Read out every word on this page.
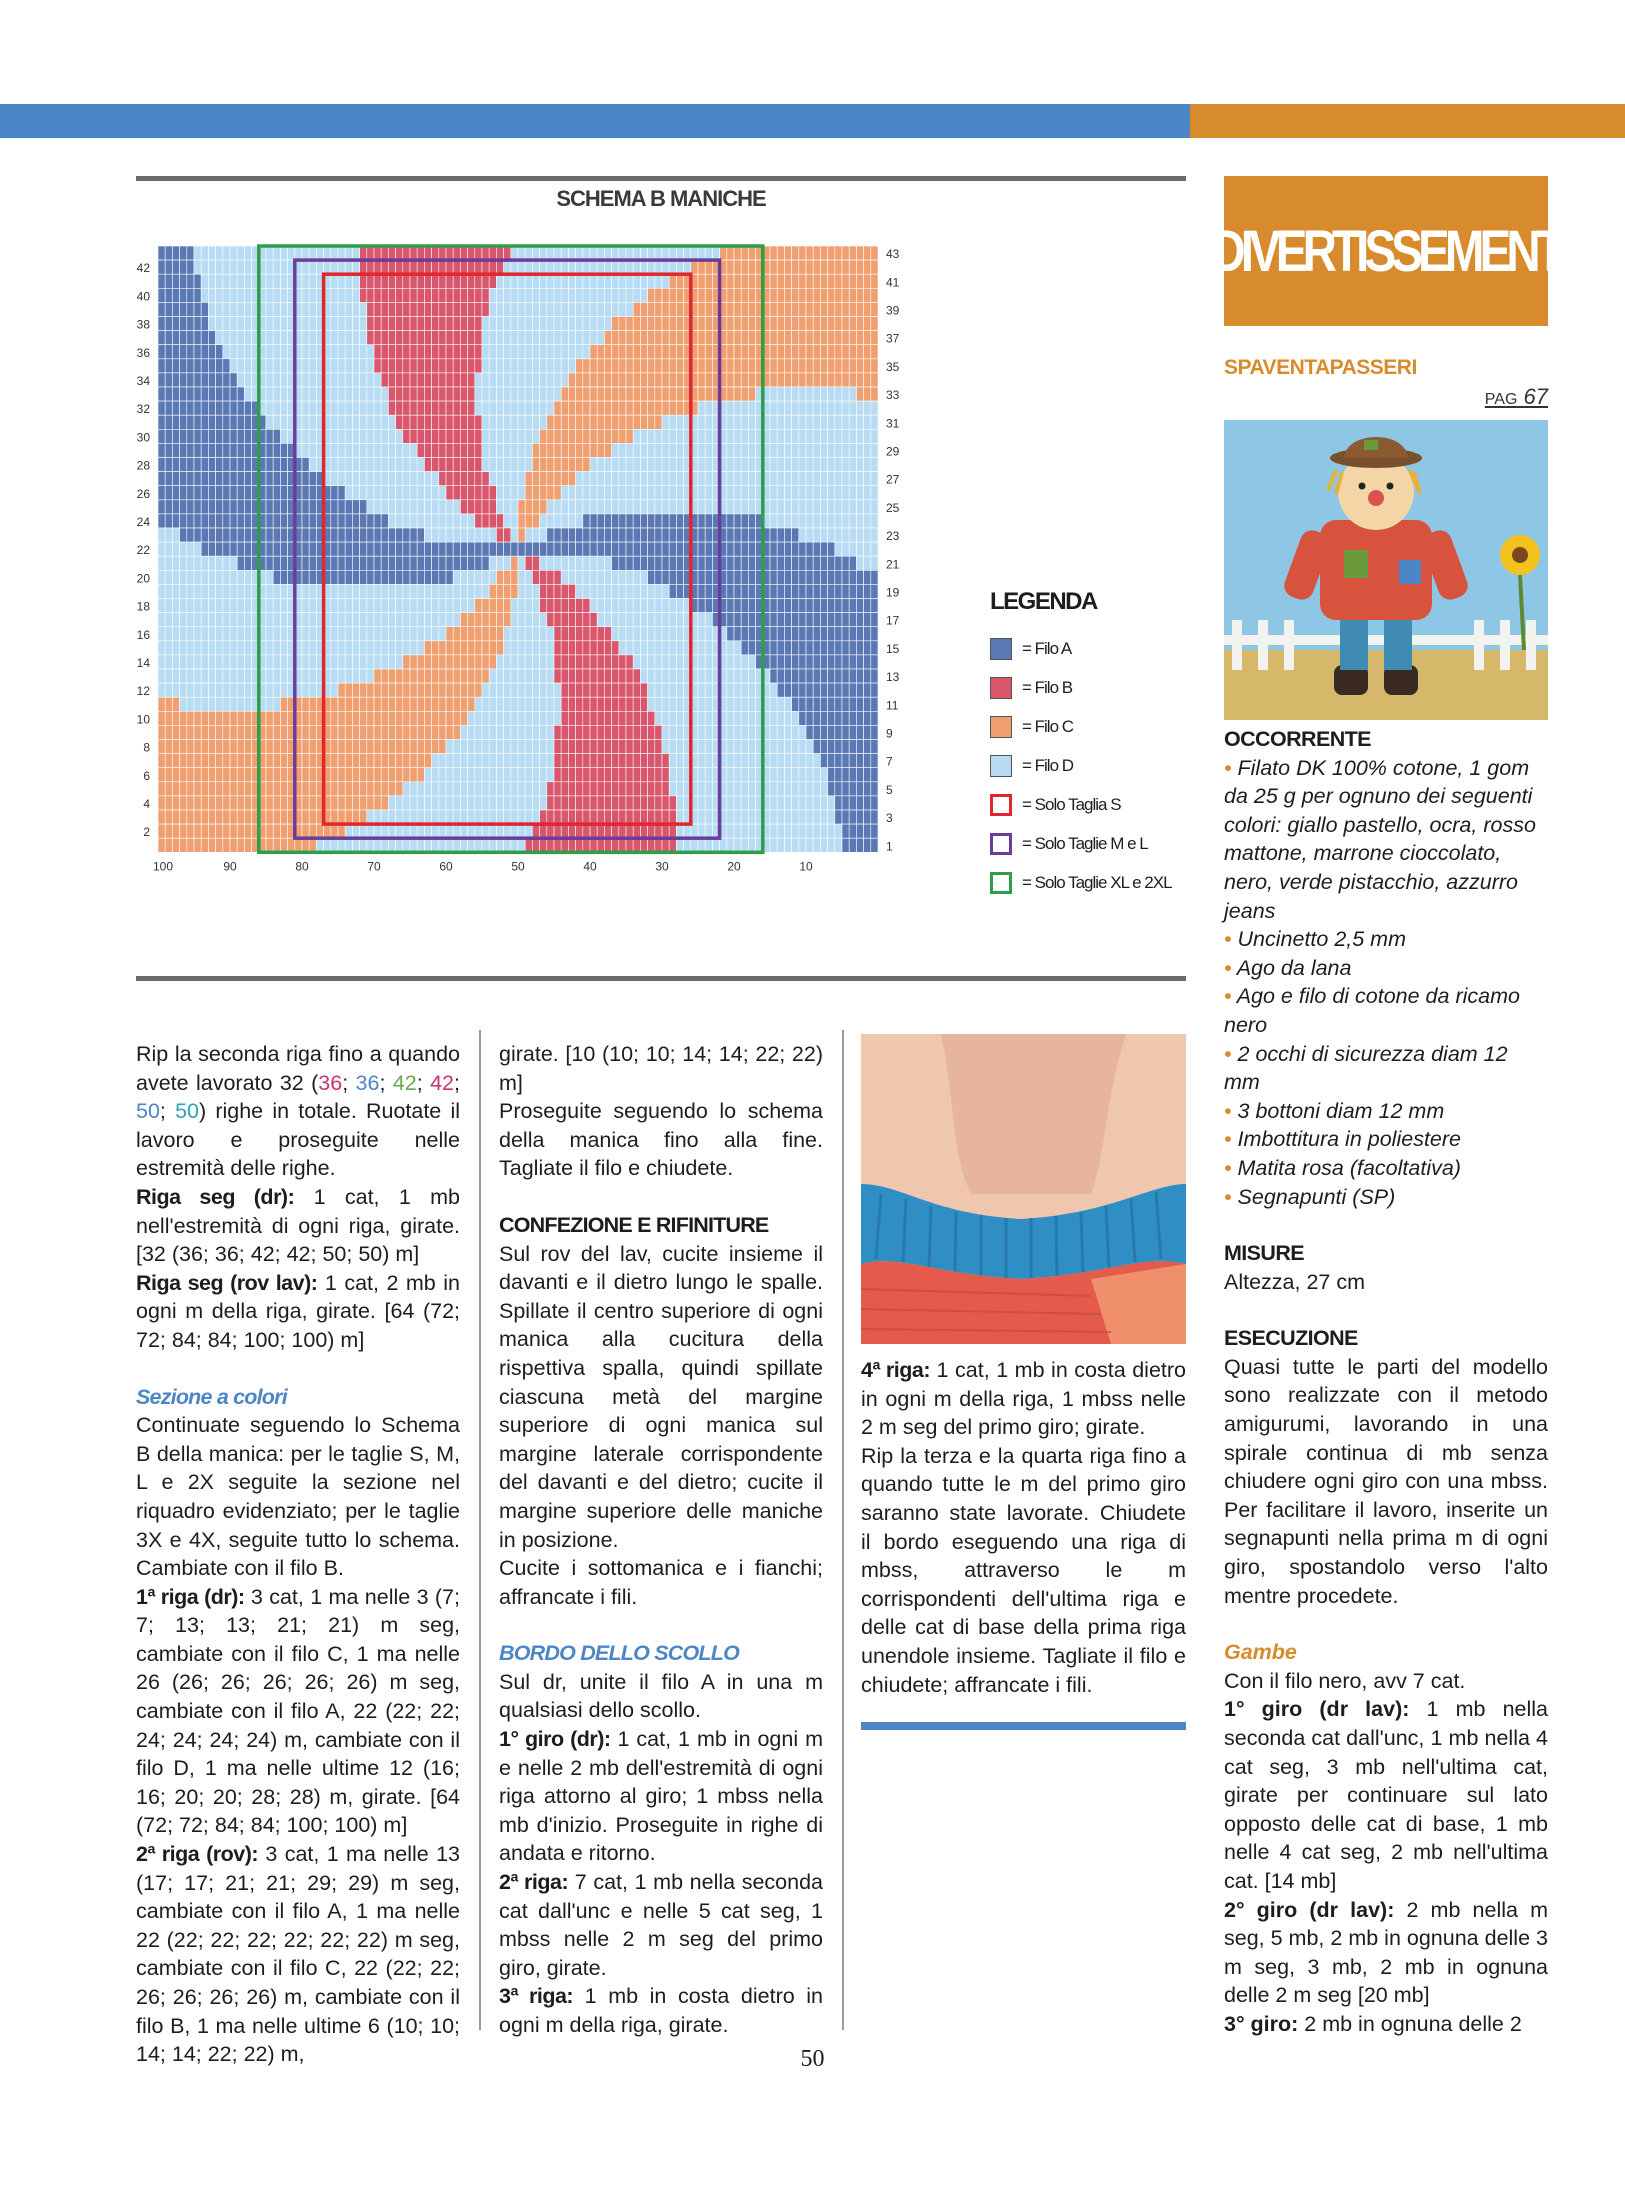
SCHEMA B MANICHE
42
40
38
36
34
32
30
28
26
24
22
20
18
16
14
12
10
8
6
4
2
43
41
39
37
35
33
31
29
27
25
23
21
19
17
15
13
11
9
7
5
3
1
100	90	80	70	60	50	40	30	20	10
LEGENDA
= Filo A
= Filo B
= Filo C
= Filo D
= Solo Taglia S
= Solo Taglie M e L
= Solo Taglie XL e 2XL

Rip la seconda riga fino a quando avete lavorato 32 (36; 36; 42; 42; 50; 50) righe in totale. Ruotate il lavoro e proseguite nelle estremità delle righe.

Riga seg (dr): 1 cat, 1 mb nell'estremità di ogni riga, girate. [32 (36; 36; 42; 42; 50; 50) m]

Riga seg (rov lav): 1 cat, 2 mb in ogni m della riga, girate. [64 (72; 72; 84; 84; 100; 100) m]

Sezione a colori

Continuate seguendo lo Schema B della manica: per le taglie S, M, L e 2X seguite la sezione nel riquadro evidenziato; per le taglie 3X e 4X, seguite tutto lo schema. Cambiate con il filo B.

1ª riga (dr): 3 cat, 1 ma nelle 3 (7; 7; 13; 13; 21; 21) m seg, cambiate con il filo C, 1 ma nelle 26 (26; 26; 26; 26; 26) m seg, cambiate con il filo A, 22 (22; 22; 24; 24; 24; 24) m, cambiate con il filo D, 1 ma nelle ultime 12 (16; 16; 20; 20; 28; 28) m, girate. [64 (72; 72; 84; 84; 100; 100) m]

2ª riga (rov): 3 cat, 1 ma nelle 13 (17; 17; 21; 21; 29; 29) m seg, cambiate con il filo A, 1 ma nelle 22 (22; 22; 22; 22; 22; 22) m seg, cambiate con il filo C, 22 (22; 22; 26; 26; 26; 26) m, cambiate con il filo B, 1 ma nelle ultime 6 (10; 10; 14; 14; 22; 22) m,

girate. [10 (10; 10; 14; 14; 22; 22) m]

Proseguite seguendo lo schema della manica fino alla fine. Tagliate il filo e chiudete.

CONFEZIONE E RIFINITURE

Sul rov del lav, cucite insieme il davanti e il dietro lungo le spalle. Spillate il centro superiore di ogni manica alla cucitura della rispettiva spalla, quindi spillate ciascuna metà del margine superiore di ogni manica sul margine laterale corrispondente del davanti e del dietro; cucite il margine superiore delle maniche in posizione.

Cucite i sottomanica e i fianchi; affrancate i fili.

BORDO DELLO SCOLLO

Sul dr, unite il filo A in una m qualsiasi dello scollo.

1° giro (dr): 1 cat, 1 mb in ogni m e nelle 2 mb dell'estremità di ogni riga attorno al giro; 1 mbss nella mb d'inizio. Proseguite in righe di andata e ritorno.

2ª riga: 7 cat, 1 mb nella seconda cat dall'unc e nelle 5 cat seg, 1 mbss nelle 2 m seg del primo giro, girate.

3ª riga: 1 mb in costa dietro in ogni m della riga, girate.

4ª riga: 1 cat, 1 mb in costa dietro in ogni m della riga, 1 mbss nelle 2 m seg del primo giro; girate.

Rip la terza e la quarta riga fino a quando tutte le m del primo giro saranno state lavorate. Chiudete il bordo eseguendo una riga di mbss, attraverso le m corrispondenti dell'ultima riga e delle cat di base della prima riga unendole insieme. Tagliate il filo e chiudete; affrancate i fili.

DIVERTISSEMENT
SPAVENTAPASSERI
PAG 67

OCCORRENTE

• Filato DK 100% cotone, 1 gom da 25 g per ognuno dei seguenti colori: giallo pastello, ocra, rosso mattone, marrone cioccolato, nero, verde pistacchio, azzurro jeans

• Uncinetto 2,5 mm

• Ago da lana

• Ago e filo di cotone da ricamo nero

• 2 occhi di sicurezza diam 12 mm

• 3 bottoni diam 12 mm

• Imbottitura in poliestere

• Matita rosa (facoltativa)

• Segnapunti (SP)

MISURE

Altezza, 27 cm

ESECUZIONE

Quasi tutte le parti del modello sono realizzate con il metodo amigurumi, lavorando in una spirale continua di mb senza chiudere ogni giro con una mbss. Per facilitare il lavoro, inserite un segnapunti nella prima m di ogni giro, spostandolo verso l'alto mentre procedete.

Gambe

Con il filo nero, avv 7 cat.

1° giro (dr lav): 1 mb nella seconda cat dall'unc, 1 mb nella 4 cat seg, 3 mb nell'ultima cat, girate per continuare sul lato opposto delle cat di base, 1 mb nelle 4 cat seg, 2 mb nell'ultima cat. [14 mb]

2° giro (dr lav): 2 mb nella m seg, 5 mb, 2 mb in ognuna delle 3 m seg, 3 mb, 2 mb in ognuna delle 2 m seg [20 mb]

3° giro: 2 mb in ognuna delle 2

50
